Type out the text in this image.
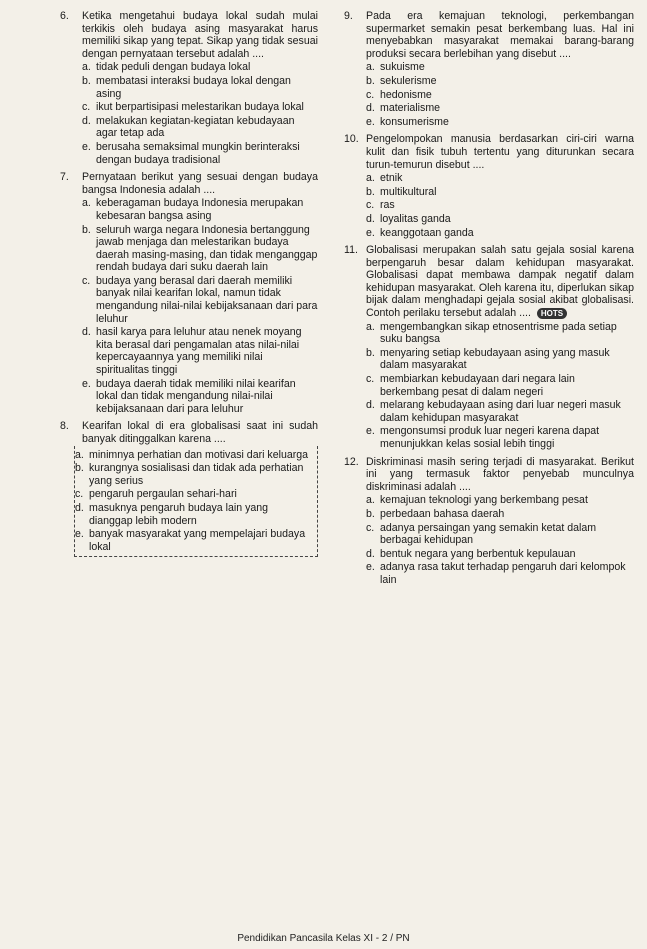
6.	Ketika mengetahui budaya lokal sudah mulai terkikis oleh budaya asing masyarakat harus memiliki sikap yang tepat. Sikap yang tidak sesuai dengan pernyataan tersebut adalah ....
a. tidak peduli dengan budaya lokal
b. membatasi interaksi budaya lokal dengan asing
c. ikut berpartisipasi melestarikan budaya lokal
d. melakukan kegiatan-kegiatan kebudayaan agar tetap ada
e. berusaha semaksimal mungkin berinteraksi dengan budaya tradisional
7.	Pernyataan berikut yang sesuai dengan budaya bangsa Indonesia adalah ....
a. keberagaman budaya Indonesia merupakan kebesaran bangsa asing
b. seluruh warga negara Indonesia bertanggung jawab menjaga dan melestarikan budaya daerah masing-masing, dan tidak menganggap rendah budaya dari suku daerah lain
c. budaya yang berasal dari daerah memiliki banyak nilai kearifan lokal, namun tidak mengandung nilai-nilai kebijaksanaan dari para leluhur
d. hasil karya para leluhur atau nenek moyang kita berasal dari pengamalan atas nilai-nilai kepercayaannya yang memiliki nilai spiritualitas tinggi
e. budaya daerah tidak memiliki nilai kearifan lokal dan tidak mengandung nilai-nilai kebijaksanaan dari para leluhur
8.	Kearifan lokal di era globalisasi saat ini sudah banyak ditinggalkan karena ....
a. minimnya perhatian dan motivasi dari keluarga
b. kurangnya sosialisasi dan tidak ada perhatian yang serius
c. pengaruh pergaulan sehari-hari
d. masuknya pengaruh budaya lain yang dianggap lebih modern
e. banyak masyarakat yang mempelajari budaya lokal
9.	Pada era kemajuan teknologi, perkembangan supermarket semakin pesat berkembang luas. Hal ini menyebabkan masyarakat memakai barang-barang produksi secara berlebihan yang disebut ....
a. sukuisme
b. sekulerisme
c. hedonisme
d. materialisme
e. konsumerisme
10. Pengelompokan manusia berdasarkan ciri-ciri warna kulit dan fisik tubuh tertentu yang diturunkan secara turun-temurun disebut ....
a. etnik
b. multikultural
c. ras
d. loyalitas ganda
e. keanggotaan ganda
11. Globalisasi merupakan salah satu gejala sosial karena berpengaruh besar dalam kehidupan masyarakat. Globalisasi dapat membawa dampak negatif dalam kehidupan masyarakat. Oleh karena itu, diperlukan sikap bijak dalam menghadapi gejala sosial akibat globalisasi. Contoh perilaku tersebut adalah .... HOTS
a. mengembangkan sikap etnosentrisme pada setiap suku bangsa
b. menyaring setiap kebudayaan asing yang masuk dalam masyarakat
c. membiarkan kebudayaan dari negara lain berkembang pesat di dalam negeri
d. melarang kebudayaan asing dari luar negeri masuk dalam kehidupan masyarakat
e. mengonsumsi produk luar negeri karena dapat menunjukkan kelas sosial lebih tinggi
12. Diskriminasi masih sering terjadi di masyarakat. Berikut ini yang termasuk faktor penyebab munculnya diskriminasi adalah ....
a. kemajuan teknologi yang berkembang pesat
b. perbedaan bahasa daerah
c. adanya persaingan yang semakin ketat dalam berbagai kehidupan
d. bentuk negara yang berbentuk kepulauan
e. adanya rasa takut terhadap pengaruh dari kelompok lain
Pendidikan Pancasila Kelas XI - 2 / PN
